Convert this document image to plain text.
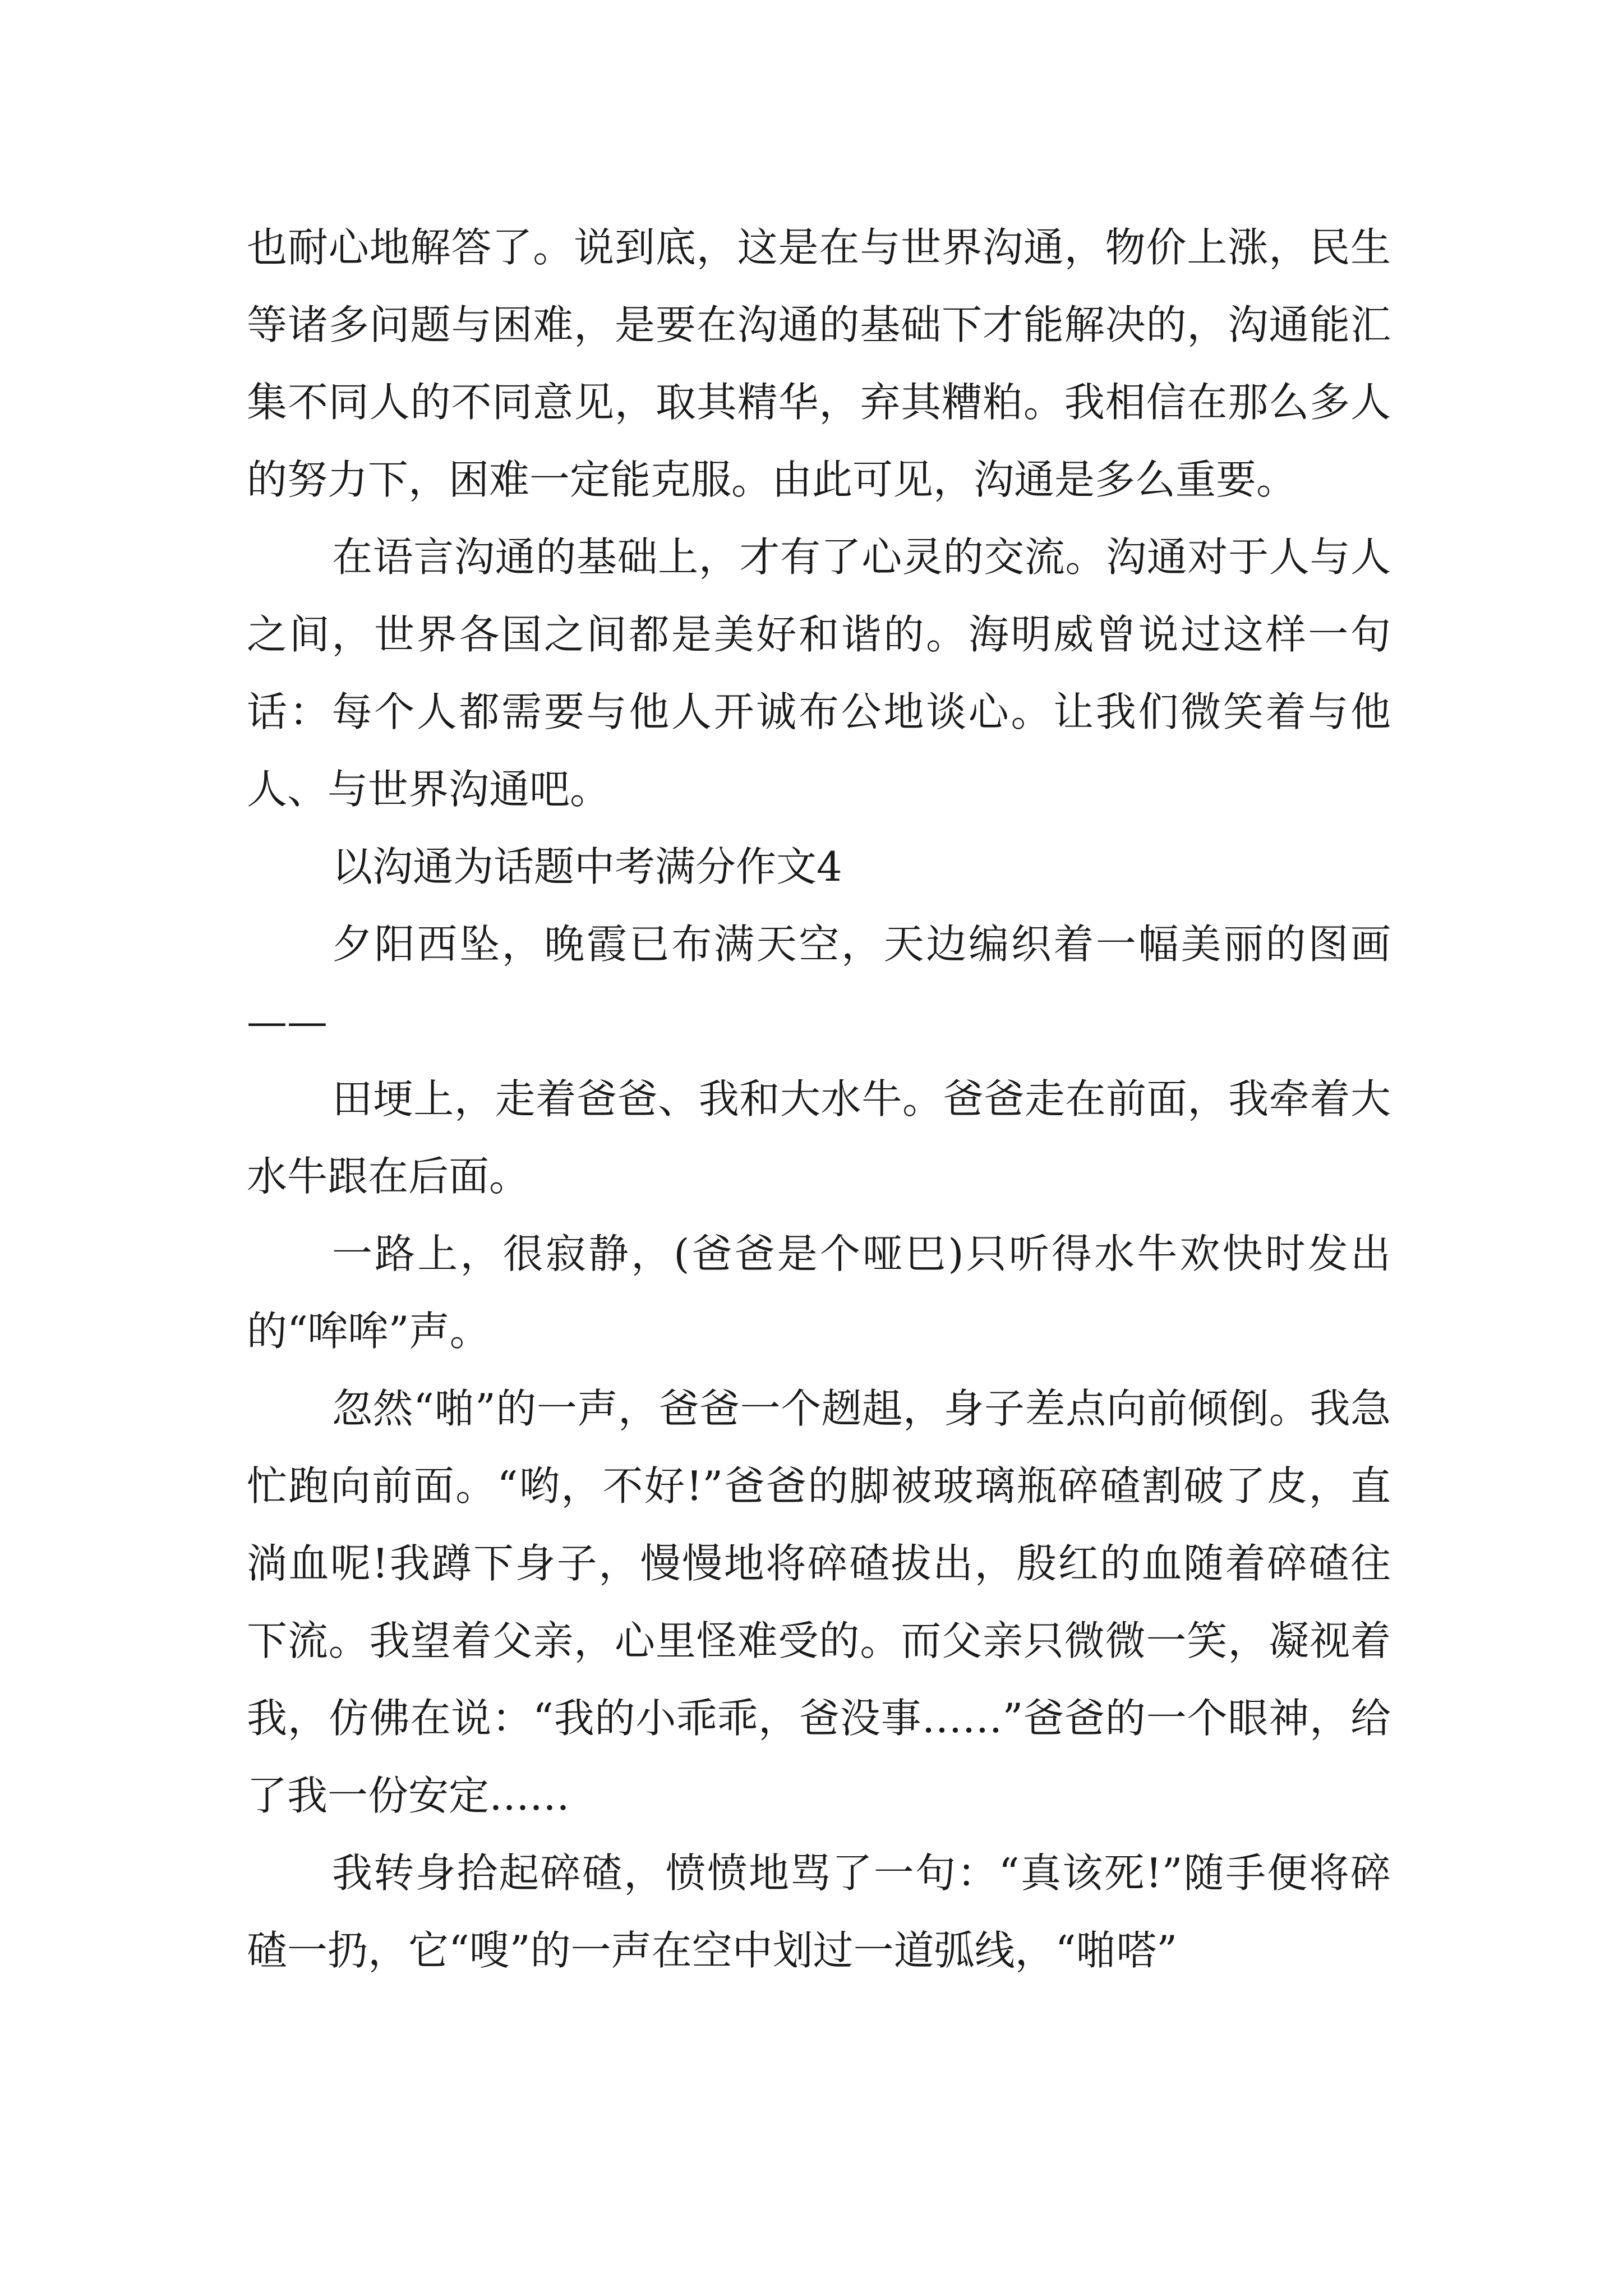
也耐心地解答了。说到底，这是在与世界沟通，物价上涨，民生等诸多问题与困难，是要在沟通的基础下才能解决的，沟通能汇集不同人的不同意见，取其精华，弃其糟粕。我相信在那么多人的努力下，困难一定能克服。由此可见，沟通是多么重要。

在语言沟通的基础上，才有了心灵的交流。沟通对于人与人之间，世界各国之间都是美好和谐的。海明威曾说过这样一句话：每个人都需要与他人开诚布公地谈心。让我们微笑着与他人、与世界沟通吧。

以沟通为话题中考满分作文4

夕阳西坠，晚霞已布满天空，天边编织着一幅美丽的图画——

田埂上，走着爸爸、我和大水牛。爸爸走在前面，我牵着大水牛跟在后面。

一路上，很寂静，(爸爸是个哑巴)只听得水牛欢快时发出的“哞哞”声。

忽然“啪”的一声，爸爸一个趔趄，身子差点向前倾倒。我急忙跑向前面。“哟，不好!”爸爸的脚被玻璃瓶碎碴割破了皮，直淌血呢!我蹲下身子，慢慢地将碎碴拔出，殷红的血随着碎碴往下流。我望着父亲，心里怪难受的。而父亲只微微一笑，凝视着我，仿佛在说：“我的小乖乖，爸没事……”爸爸的一个眼神，给了我一份安定……

我转身拾起碎碴，愤愤地骂了一句：“真该死!”随手便将碎碴一扔，它“嗖”的一声在空中划过一道弧线，“啪嗒”
